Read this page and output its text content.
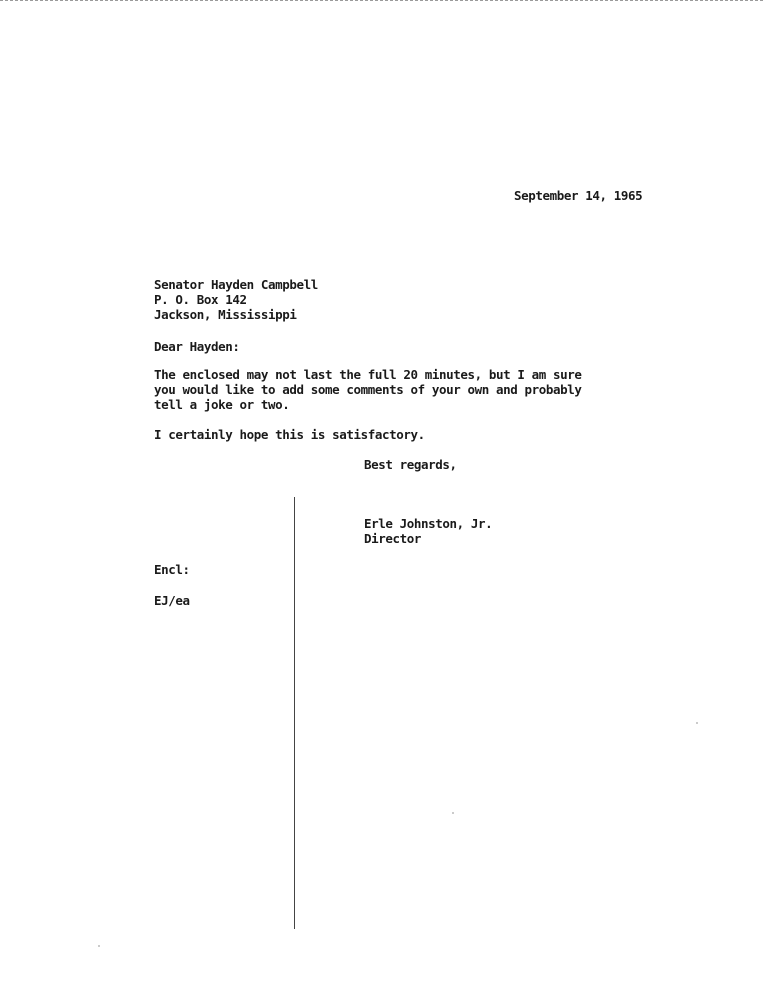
September 14, 1965
Senator Hayden Campbell
P. O. Box 142
Jackson, Mississippi
Dear Hayden:
The enclosed may not last the full 20 minutes, but I am sure
you would like to add some comments of your own and probably
tell a joke or two.
I certainly hope this is satisfactory.
Best regards,
Erle Johnston, Jr.
Director
Encl:
EJ/ea
